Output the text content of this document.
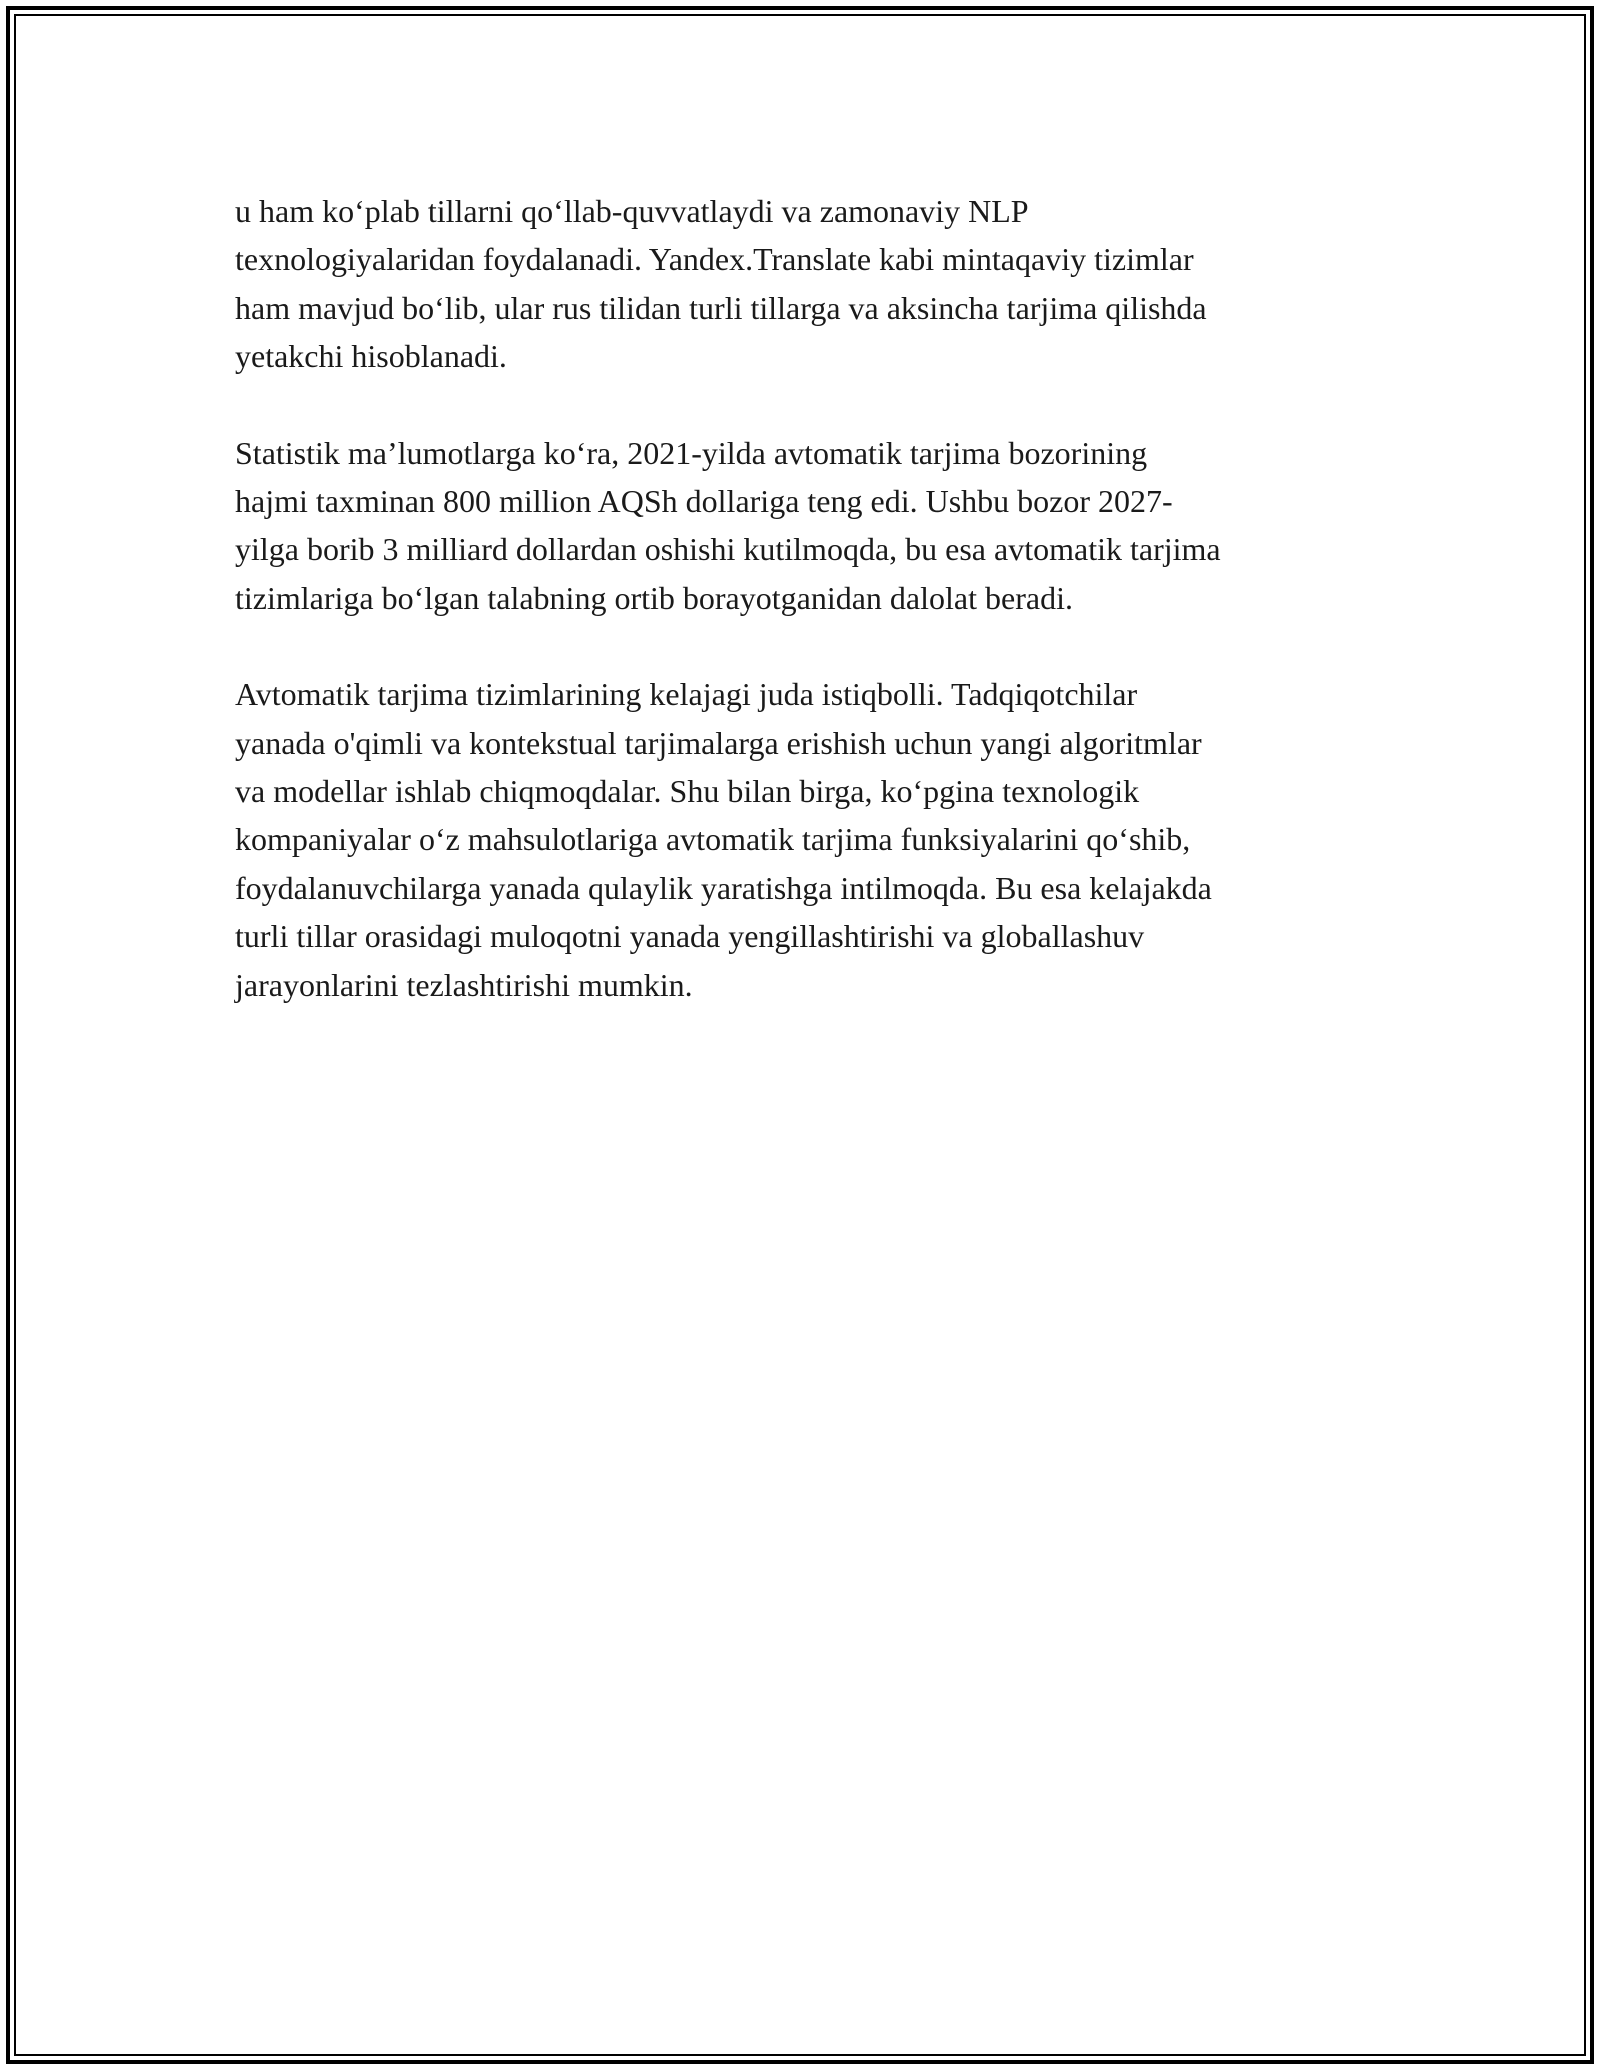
u ham ko‘plab tillarni qo‘llab-quvvatlaydi va zamonaviy NLP
texnologiyalaridan foydalanadi. Yandex.Translate kabi mintaqaviy tizimlar
ham mavjud bo‘lib, ular rus tilidan turli tillarga va aksincha tarjima qilishda
yetakchi hisoblanadi.

Statistik ma’lumotlarga ko‘ra, 2021-yilda avtomatik tarjima bozorining
hajmi taxminan 800 million AQSh dollariga teng edi. Ushbu bozor 2027-
yilga borib 3 milliard dollardan oshishi kutilmoqda, bu esa avtomatik tarjima
tizimlariga bo‘lgan talabning ortib borayotganidan dalolat beradi.

Avtomatik tarjima tizimlarining kelajagi juda istiqbolli. Tadqiqotchilar
yanada o'qimli va kontekstual tarjimalarga erishish uchun yangi algoritmlar
va modellar ishlab chiqmoqdalar. Shu bilan birga, ko‘pgina texnologik
kompaniyalar o‘z mahsulotlariga avtomatik tarjima funksiyalarini qo‘shib,
foydalanuvchilarga yanada qulaylik yaratishga intilmoqda. Bu esa kelajakda
turli tillar orasidagi muloqotni yanada yengillashtirishi va globallashuv
jarayonlarini tezlashtirishi mumkin.
